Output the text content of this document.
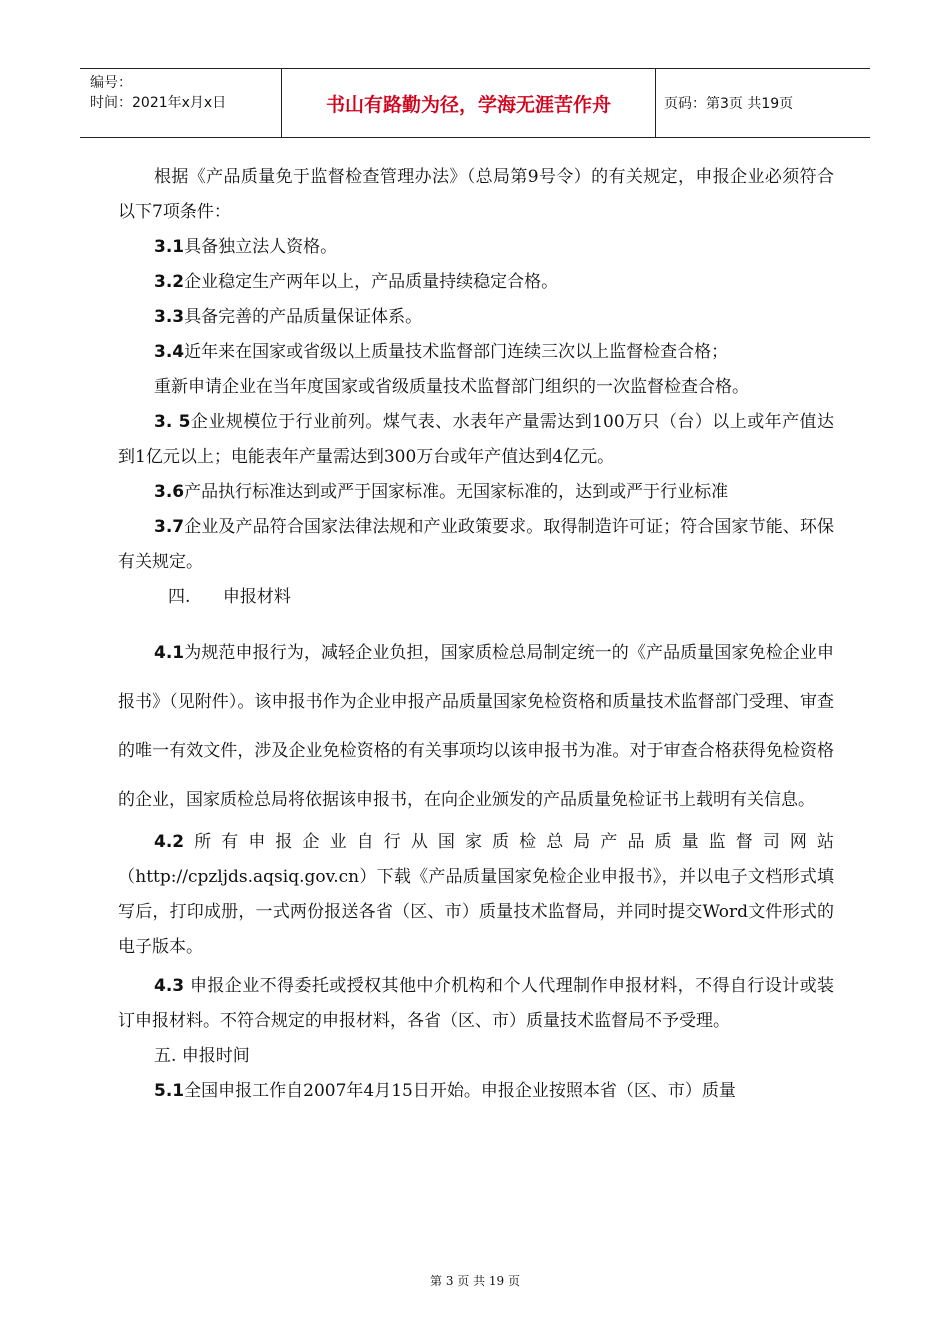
编号：
时间：2021年x月x日	书山有路勤为径，学海无涯苦作舟	页码：第3页 共19页

根据《产品质量免于监督检查管理办法》（总局第9号令）的有关规定，申报企业必须符合以下7项条件：

3.1具备独立法人资格。

3.2企业稳定生产两年以上，产品质量持续稳定合格。

3.3具备完善的产品质量保证体系。

3.4近年来在国家或省级以上质量技术监督部门连续三次以上监督检查合格；

重新申请企业在当年度国家或省级质量技术监督部门组织的一次监督检查合格。

3. 5企业规模位于行业前列。煤气表、水表年产量需达到100万只（台）以上或年产值达到1亿元以上；电能表年产量需达到300万台或年产值达到4亿元。

3.6产品执行标准达到或严于国家标准。无国家标准的，达到或严于行业标准

3.7企业及产品符合国家法律法规和产业政策要求。取得制造许可证；符合国家节能、环保有关规定。

四.      申报材料

4.1为规范申报行为，减轻企业负担，国家质检总局制定统一的《产品质量国家免检企业申报书》（见附件）。该申报书作为企业申报产品质量国家免检资格和质量技术监督部门受理、审查的唯一有效文件，涉及企业免检资格的有关事项均以该申报书为准。对于审查合格获得免检资格的企业，国家质检总局将依据该申报书，在向企业颁发的产品质量免检证书上载明有关信息。

4.2所有申报企业自行从国家质检总局产品质量监督司网站（http://cpzljds.aqsiq.gov.cn）下载《产品质量国家免检企业申报书》，并以电子文档形式填写后，打印成册，一式两份报送各省（区、市）质量技术监督局，并同时提交Word文件形式的电子版本。

4.3 申报企业不得委托或授权其他中介机构和个人代理制作申报材料，不得自行设计或装订申报材料。不符合规定的申报材料，各省（区、市）质量技术监督局不予受理。

五. 申报时间

5.1全国申报工作自2007年4月15日开始。申报企业按照本省（区、市）质量

第 3 页 共 19 页
